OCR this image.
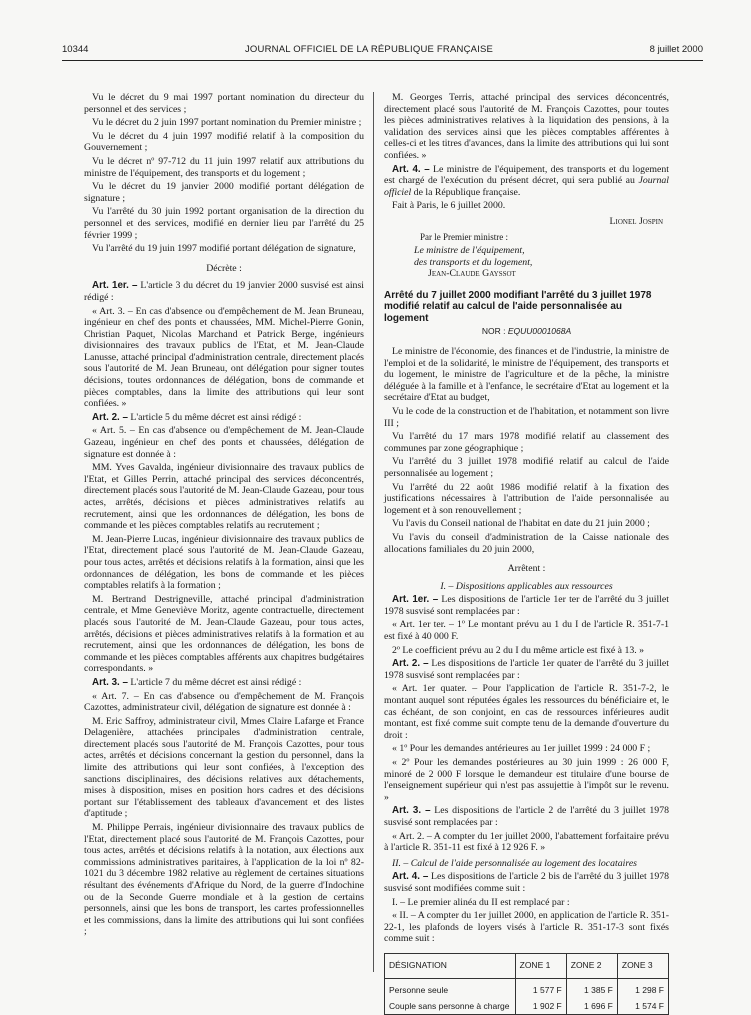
10344	JOURNAL OFFICIEL DE LA RÉPUBLIQUE FRANÇAISE	8 juillet 2000

Vu le décret du 9 mai 1997 portant nomination du directeur du personnel et des services ;

Vu le décret du 2 juin 1997 portant nomination du Premier ministre ;

Vu le décret du 4 juin 1997 modifié relatif à la composition du Gouvernement ;

Vu le décret nº 97-712 du 11 juin 1997 relatif aux attributions du ministre de l'équipement, des transports et du logement ;

Vu le décret du 19 janvier 2000 modifié portant délégation de signature ;

Vu l'arrêté du 30 juin 1992 portant organisation de la direction du personnel et des services, modifié en dernier lieu par l'arrêté du 25 février 1999 ;

Vu l'arrêté du 19 juin 1997 modifié portant délégation de signature,

Décrète :

Art. 1er. – L'article 3 du décret du 19 janvier 2000 susvisé est ainsi rédigé :

« Art. 3. – En cas d'absence ou d'empêchement de M. Jean Bruneau, ingénieur en chef des ponts et chaussées, MM. Michel-Pierre Gonin, Christian Paquet, Nicolas Marchand et Patrick Berge, ingénieurs divisionnaires des travaux publics de l'Etat, et M. Jean-Claude Lanusse, attaché principal d'administration centrale, directement placés sous l'autorité de M. Jean Bruneau, ont délégation pour signer toutes décisions, toutes ordonnances de délégation, bons de commande et pièces comptables, dans la limite des attributions qui leur sont confiées. »

Art. 2. – L'article 5 du même décret est ainsi rédigé :

« Art. 5. – En cas d'absence ou d'empêchement de M. Jean-Claude Gazeau, ingénieur en chef des ponts et chaussées, délégation de signature est donnée à :

MM. Yves Gavalda, ingénieur divisionnaire des travaux publics de l'Etat, et Gilles Perrin, attaché principal des services déconcentrés, directement placés sous l'autorité de M. Jean-Claude Gazeau, pour tous actes, arrêtés, décisions et pièces administratives relatifs au recrutement, ainsi que les ordonnances de délégation, les bons de commande et les pièces comptables relatifs au recrutement ;

M. Jean-Pierre Lucas, ingénieur divisionnaire des travaux publics de l'Etat, directement placé sous l'autorité de M. Jean-Claude Gazeau, pour tous actes, arrêtés et décisions relatifs à la formation, ainsi que les ordonnances de délégation, les bons de commande et les pièces comptables relatifs à la formation ;

M. Bertrand Destrigneville, attaché principal d'administration centrale, et Mme Geneviève Moritz, agente contractuelle, directement placés sous l'autorité de M. Jean-Claude Gazeau, pour tous actes, arrêtés, décisions et pièces administratives relatifs à la formation et au recrutement, ainsi que les ordonnances de délégation, les bons de commande et les pièces comptables afférents aux chapitres budgétaires correspondants. »

Art. 3. – L'article 7 du même décret est ainsi rédigé :

« Art. 7. – En cas d'absence ou d'empêchement de M. François Cazottes, administrateur civil, délégation de signature est donnée à :

M. Eric Saffroy, administrateur civil, Mmes Claire Lafarge et France Delagenière, attachées principales d'administration centrale, directement placés sous l'autorité de M. François Cazottes, pour tous actes, arrêtés et décisions concernant la gestion du personnel, dans la limite des attributions qui leur sont confiées, à l'exception des sanctions disciplinaires, des décisions relatives aux détachements, mises à disposition, mises en position hors cadres et des décisions portant sur l'établissement des tableaux d'avancement et des listes d'aptitude ;

M. Philippe Perrais, ingénieur divisionnaire des travaux publics de l'Etat, directement placé sous l'autorité de M. François Cazottes, pour tous actes, arrêtés et décisions relatifs à la notation, aux élections aux commissions administratives paritaires, à l'application de la loi nº 82-1021 du 3 décembre 1982 relative au règlement de certaines situations résultant des événements d'Afrique du Nord, de la guerre d'Indochine ou de la Seconde Guerre mondiale et à la gestion de certains personnels, ainsi que les bons de transport, les cartes professionnelles et les commissions, dans la limite des attributions qui lui sont confiées ;

M. Georges Terris, attaché principal des services déconcentrés, directement placé sous l'autorité de M. François Cazottes, pour toutes les pièces administratives relatives à la liquidation des pensions, à la validation des services ainsi que les pièces comptables afférentes à celles-ci et les titres d'avances, dans la limite des attributions qui lui sont confiées. »

Art. 4. – Le ministre de l'équipement, des transports et du logement est chargé de l'exécution du présent décret, qui sera publié au Journal officiel de la République française.

Fait à Paris, le 6 juillet 2000.

Lionel Jospin

Par le Premier ministre :
Le ministre de l'équipement,
des transports et du logement,
Jean-Claude Gayssot

Arrêté du 7 juillet 2000 modifiant l'arrêté du 3 juillet 1978 modifié relatif au calcul de l'aide personnalisée au logement

NOR : EQUU0001068A

Le ministre de l'économie, des finances et de l'industrie, la ministre de l'emploi et de la solidarité, le ministre de l'équipement, des transports et du logement, le ministre de l'agriculture et de la pêche, la ministre déléguée à la famille et à l'enfance, le secrétaire d'Etat au logement et la secrétaire d'Etat au budget,

Vu le code de la construction et de l'habitation, et notamment son livre III ;

Vu l'arrêté du 17 mars 1978 modifié relatif au classement des communes par zone géographique ;

Vu l'arrêté du 3 juillet 1978 modifié relatif au calcul de l'aide personnalisée au logement ;

Vu l'arrêté du 22 août 1986 modifié relatif à la fixation des justifications nécessaires à l'attribution de l'aide personnalisée au logement et à son renouvellement ;

Vu l'avis du Conseil national de l'habitat en date du 21 juin 2000 ;

Vu l'avis du conseil d'administration de la Caisse nationale des allocations familiales du 20 juin 2000,

Arrêtent :

I. – Dispositions applicables aux ressources

Art. 1er. – Les dispositions de l'article 1er ter de l'arrêté du 3 juillet 1978 susvisé sont remplacées par :

« Art. 1er ter. – 1º Le montant prévu au 1 du I de l'article R. 351-7-1 est fixé à 40 000 F.

2º Le coefficient prévu au 2 du I du même article est fixé à 13. »

Art. 2. – Les dispositions de l'article 1er quater de l'arrêté du 3 juillet 1978 susvisé sont remplacées par :

« Art. 1er quater. – Pour l'application de l'article R. 351-7-2, le montant auquel sont réputées égales les ressources du bénéficiaire et, le cas échéant, de son conjoint, en cas de ressources inférieures audit montant, est fixé comme suit compte tenu de la demande d'ouverture du droit :

« 1º Pour les demandes antérieures au 1er juillet 1999 : 24 000 F ;

« 2º Pour les demandes postérieures au 30 juin 1999 : 26 000 F, minoré de 2 000 F lorsque le demandeur est titulaire d'une bourse de l'enseignement supérieur qui n'est pas assujettie à l'impôt sur le revenu. »

Art. 3. – Les dispositions de l'article 2 de l'arrêté du 3 juillet 1978 susvisé sont remplacées par :

« Art. 2. – A compter du 1er juillet 2000, l'abattement forfaitaire prévu à l'article R. 351-11 est fixé à 12 926 F. »

II. – Calcul de l'aide personnalisée au logement des locataires

Art. 4. – Les dispositions de l'article 2 bis de l'arrêté du 3 juillet 1978 susvisé sont modifiées comme suit :

I. – Le premier alinéa du II est remplacé par :

« II. – A compter du 1er juillet 2000, en application de l'article R. 351-22-1, les plafonds de loyers visés à l'article R. 351-17-3 sont fixés comme suit :

DÉSIGNATION	ZONE 1	ZONE 2	ZONE 3
Personne seule	1 577 F	1 385 F	1 298 F
Couple sans personne à charge	1 902 F	1 696 F	1 574 F
